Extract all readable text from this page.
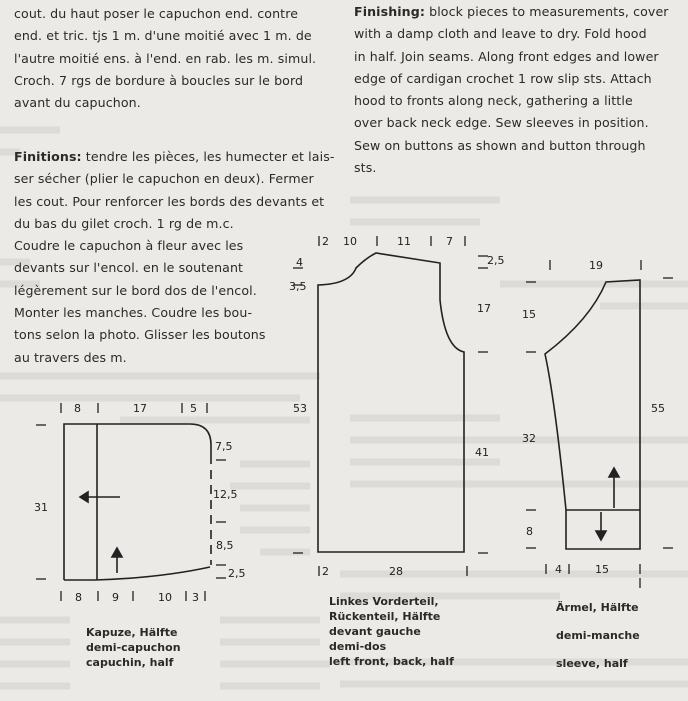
cout. du haut poser le capuchon end. contre
end. et tric. tjs 1 m. d'une moitié avec 1 m. de
l'autre moitié ens. à l'end. en rab. les m. simul.
Croch. 7 rgs de bordure à boucles sur le bord
avant du capuchon.
Finitions: tendre les pièces, les humecter et lais-
ser sécher (plier le capuchon en deux). Fermer
les cout. Pour renforcer les bords des devants et
du bas du gilet croch. 1 rg de m.c.
Coudre le capuchon à fleur avec les
devants sur l'encol. en le soutenant
légèrement sur le bord dos de l'encol.
Monter les manches. Coudre les bou-
tons selon la photo. Glisser les boutons
au travers des m.
Finishing: block pieces to measurements, cover
with a damp cloth and leave to dry. Fold hood
in half. Join seams. Along front edges and lower
edge of cardigan crochet 1 row slip sts. Attach
hood to fronts along neck, gathering a little
over back neck edge. Sew sleeves in position.
Sew on buttons as shown and button through
sts.
8	17	5
31
7,5
12,5
8,5
2,5
8	9	10 3
2 10	11	7
4
3,5
53
2,5
17
41
2	28
19
15
32
8
55
4	15
Kapuze, Hälfte
demi-capuchon
capuchin, half
Linkes Vorderteil,
Rückenteil, Hälfte
devant gauche
demi-dos
left front, back, half
Ärmel, Hälfte
demi-manche
sleeve, half
